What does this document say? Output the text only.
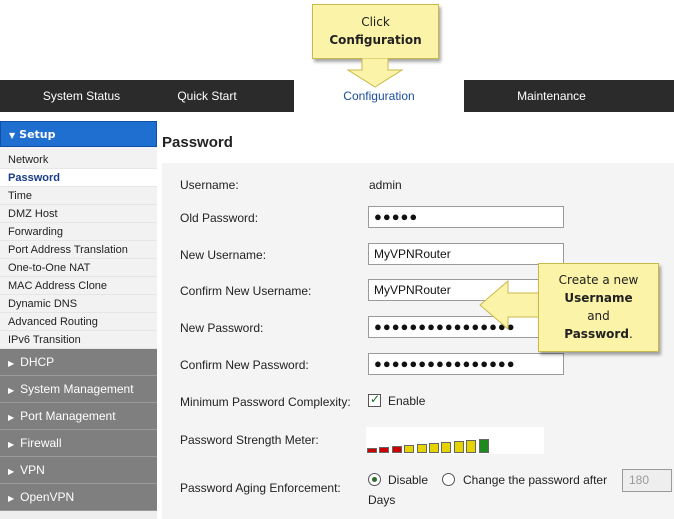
Click
Configuration
System Status	Quick Start	Configuration	Maintenance
▼ Setup
Network
Password
Time
DMZ Host
Forwarding
Port Address Translation
One-to-One NAT
MAC Address Clone
Dynamic DNS
Advanced Routing
IPv6 Transition
▶ DHCP
▶ System Management
▶ Port Management
▶ Firewall
▶ VPN
▶ OpenVPN
Password
Username:	admin
Old Password:	●●●●●
New Username:	MyVPNRouter
Confirm New Username:	MyVPNRouter
New Password:	●●●●●●●●●●●●●●●●
Confirm New Password:	●●●●●●●●●●●●●●●●
Minimum Password Complexity: ✓ Enable
Password Strength Meter:
Password Aging Enforcement:
Disable	Change the password after	180
Days
Create a new
Username
and
Password.
